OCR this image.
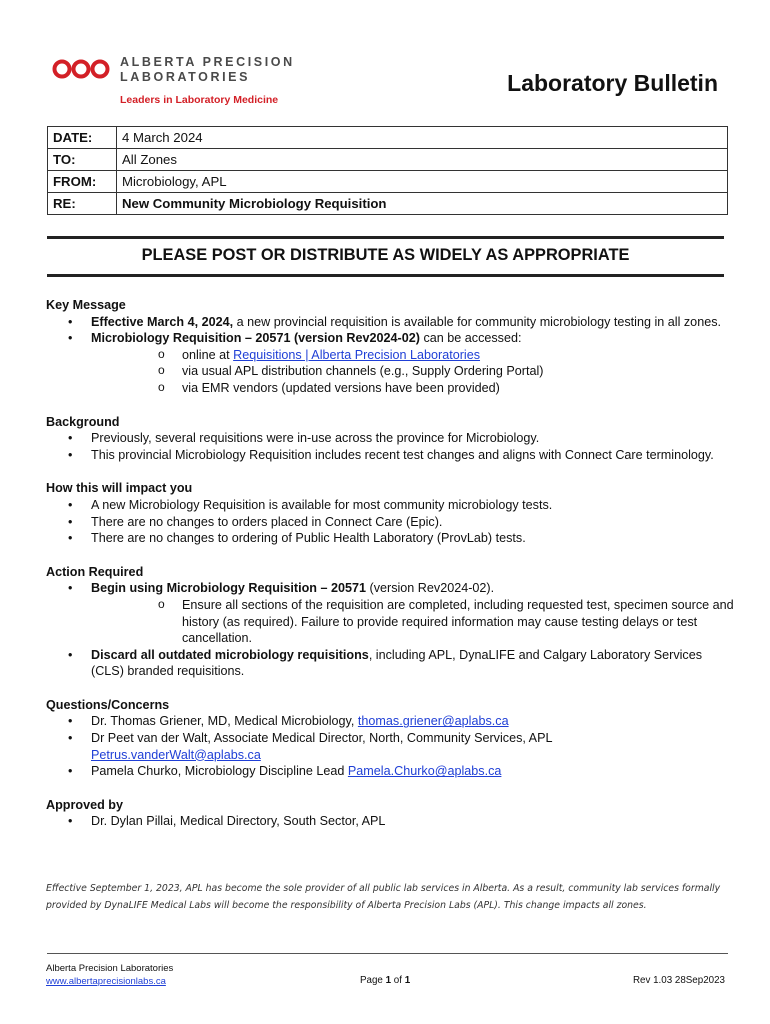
ALBERTA PRECISION
LABORATORIES
Leaders in Laboratory Medicine
Laboratory Bulletin
DATE:	4 March 2024
TO:	All Zones
FROM:	Microbiology, APL
RE:	New Community Microbiology Requisition
PLEASE POST OR DISTRIBUTE AS WIDELY AS APPROPRIATE

Key Message

• Effective March 4, 2024, a new provincial requisition is available for community microbiology testing in all zones.
• Microbiology Requisition – 20571 (version Rev2024-02) can be accessed:
o online at Requisitions | Alberta Precision Laboratories
o via usual APL distribution channels (e.g., Supply Ordering Portal)
o via EMR vendors (updated versions have been provided)

Background

• Previously, several requisitions were in-use across the province for Microbiology.
• This provincial Microbiology Requisition includes recent test changes and aligns with Connect Care terminology.

How this will impact you

• A new Microbiology Requisition is available for most community microbiology tests.
• There are no changes to orders placed in Connect Care (Epic).
• There are no changes to ordering of Public Health Laboratory (ProvLab) tests.

Action Required

• Begin using Microbiology Requisition – 20571 (version Rev2024-02).
o Ensure all sections of the requisition are completed, including requested test, specimen source and history (as required). Failure to provide required information may cause testing delays or test cancellation.
• Discard all outdated microbiology requisitions, including APL, DynaLIFE and Calgary Laboratory Services (CLS) branded requisitions.

Questions/Concerns

• Dr. Thomas Griener, MD, Medical Microbiology, thomas.griener@aplabs.ca
• Dr Peet van der Walt, Associate Medical Director, North, Community Services, APL
Petrus.vanderWalt@aplabs.ca
• Pamela Churko, Microbiology Discipline Lead Pamela.Churko@aplabs.ca

Approved by

• Dr. Dylan Pillai, Medical Directory, South Sector, APL
Effective September 1, 2023, APL has become the sole provider of all public lab services in Alberta. As a result, community lab services formally provided by DynaLIFE Medical Labs will become the responsibility of Alberta Precision Labs (APL). This change impacts all zones.
Alberta Precision Laboratories
www.albertaprecisionlabs.ca	Page 1 of 1	Rev 1.03 28Sep2023
